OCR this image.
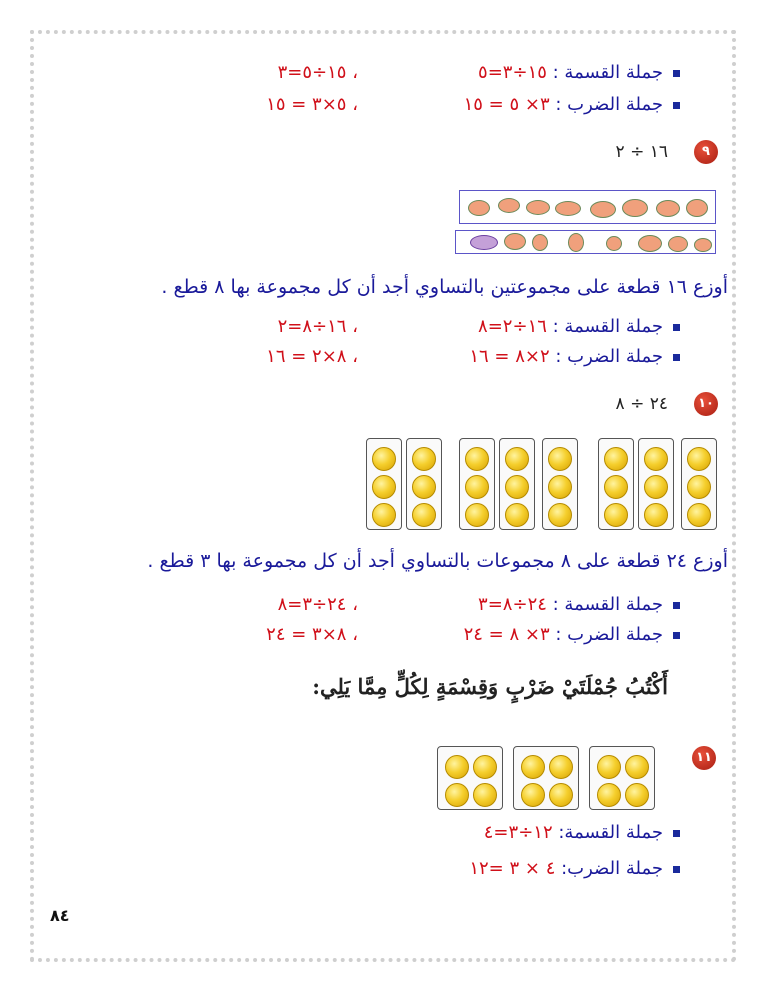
جملة القسمة : ١٥÷٣=٥
، ١٥÷٥=٣
جملة الضرب : ٣× ٥ = ١٥
، ٥×٣ = ١٥
٩
١٦ ÷ ٢
أوزع ١٦ قطعة على مجموعتين بالتساوي أجد أن كل مجموعة بها ٨ قطع .
جملة القسمة : ١٦÷٢=٨
، ١٦÷٨=٢
جملة الضرب : ٢×٨ = ١٦
، ٨×٢ = ١٦
١٠
٢٤ ÷ ٨
أوزع ٢٤ قطعة على ٨ مجموعات بالتساوي أجد أن كل مجموعة بها ٣ قطع .
جملة القسمة : ٢٤÷٨=٣
، ٢٤÷٣=٨
جملة الضرب : ٣× ٨ = ٢٤
، ٨×٣ = ٢٤
أَكْتُبُ جُمْلَتَيْ ضَرْبٍ وَقِسْمَةٍ لِكُلٍّ مِمَّا يَلِي:
١١
جملة القسمة: ١٢÷٣=٤
جملة الضرب: ٤ × ٣ =١٢
٨٤
